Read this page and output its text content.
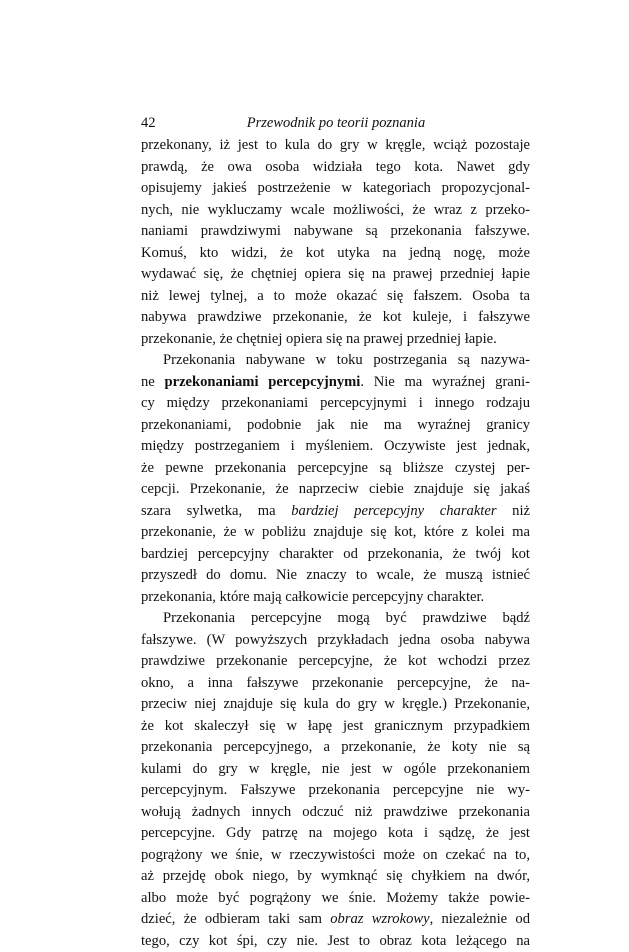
42	Przewodnik po teorii poznania
przekonany, iż jest to kula do gry w kręgle, wciąż pozostaje
prawdą, że owa osoba widziała tego kota. Nawet gdy
opisujemy jakieś postrzeżenie w kategoriach propozycjonal-
nych, nie wykluczamy wcale możliwości, że wraz z przeko-
naniami prawdziwymi nabywane są przekonania fałszywe.
Komuś, kto widzi, że kot utyka na jedną nogę, może
wydawać się, że chętniej opiera się na prawej przedniej łapie
niż lewej tylnej, a to może okazać się fałszem. Osoba ta
nabywa prawdziwe przekonanie, że kot kuleje, i fałszywe
przekonanie, że chętniej opiera się na prawej przedniej łapie.
Przekonania nabywane w toku postrzegania są nazywa-
ne przekonaniami percepcyjnymi. Nie ma wyraźnej grani-
cy między przekonaniami percepcyjnymi i innego rodzaju
przekonaniami, podobnie jak nie ma wyraźnej granicy
między postrzeganiem i myśleniem. Oczywiste jest jednak,
że pewne przekonania percepcyjne są bliższe czystej per-
cepcji. Przekonanie, że naprzeciw ciebie znajduje się jakaś
szara sylwetka, ma bardziej percepcyjny charakter niż
przekonanie, że w pobliżu znajduje się kot, które z kolei ma
bardziej percepcyjny charakter od przekonania, że twój kot
przyszedł do domu. Nie znaczy to wcale, że muszą istnieć
przekonania, które mają całkowicie percepcyjny charakter.
Przekonania percepcyjne mogą być prawdziwe bądź
fałszywe. (W powyższych przykładach jedna osoba nabywa
prawdziwe przekonanie percepcyjne, że kot wchodzi przez
okno, a inna fałszywe przekonanie percepcyjne, że na-
przeciw niej znajduje się kula do gry w kręgle.) Przekonanie,
że kot skaleczył się w łapę jest granicznym przypadkiem
przekonania percepcyjnego, a przekonanie, że koty nie są
kulami do gry w kręgle, nie jest w ogóle przekonaniem
percepcyjnym. Fałszywe przekonania percepcyjne nie wy-
wołują żadnych innych odczuć niż prawdziwe przekonania
percepcyjne. Gdy patrzę na mojego kota i sądzę, że jest
pogrążony we śnie, w rzeczywistości może on czekać na to,
aż przejdę obok niego, by wymknąć się chyłkiem na dwór,
albo może być pogrążony we śnie. Możemy także powie-
dzieć, że odbieram taki sam obraz wzrokowy, niezależnie od
tego, czy kot śpi, czy nie. Jest to obraz kota leżącego na
